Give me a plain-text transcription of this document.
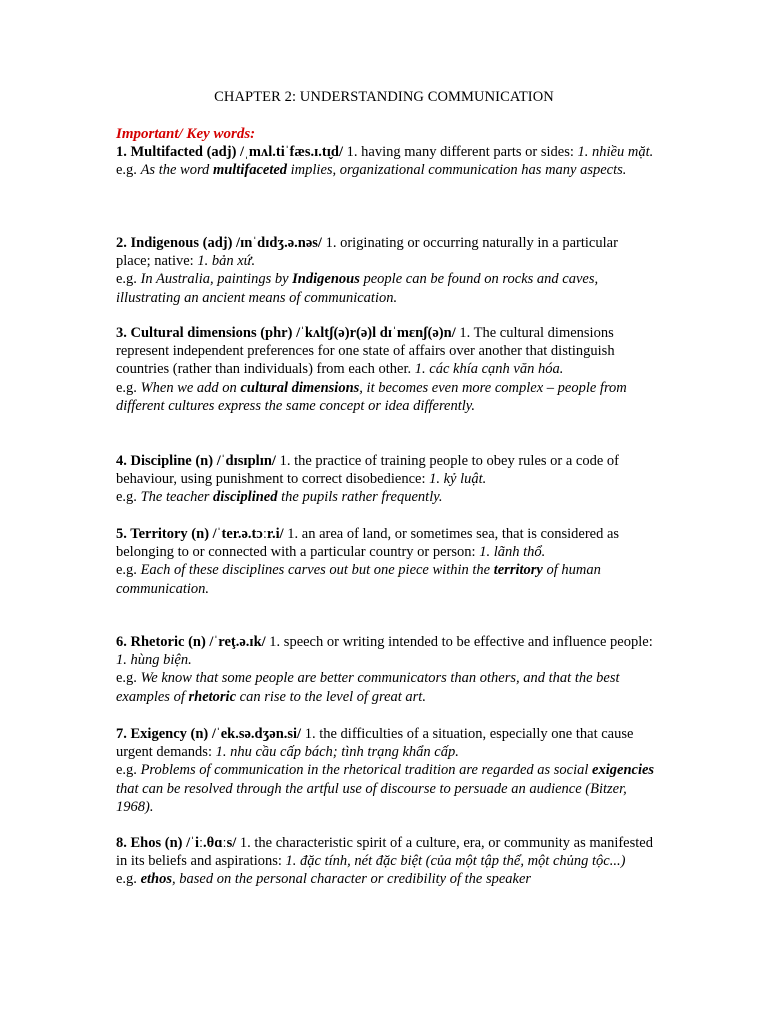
CHAPTER 2: UNDERSTANDING COMMUNICATION
Important/ Key words:

1. Multifacted (adj) /ˌmʌl.tiˈfæs.ɪ.tɪ̬d/ 1. having many different parts or sides: 1. nhiều mặt.

e.g. As the word multifaceted implies, organizational communication has many aspects.

2. Indigenous (adj) /ɪnˈdɪdʒ.ə.nəs/ 1. originating or occurring naturally in a particular place; native: 1. bản xứ.

e.g. In Australia, paintings by Indigenous people can be found on rocks and caves, illustrating an ancient means of communication.

3. Cultural dimensions (phr) /ˈkʌltʃ(ə)r(ə)l dɪˈmɛnʃ(ə)n/ 1. The cultural dimensions represent independent preferences for one state of affairs over another that distinguish countries (rather than individuals) from each other. 1. các khía cạnh văn hóa.

e.g. When we add on cultural dimensions, it becomes even more complex – people from different cultures express the same concept or idea differently.

4. Discipline (n) /ˈdɪsɪplɪn/ 1. the practice of training people to obey rules or a code of behaviour, using punishment to correct disobedience: 1. kỷ luật.

e.g. The teacher disciplined the pupils rather frequently.

5. Territory (n) /ˈter.ə.tɔːr.i/ 1. an area of land, or sometimes sea, that is considered as belonging to or connected with a particular country or person: 1. lãnh thổ.

e.g. Each of these disciplines carves out but one piece within the territory of human communication.

6. Rhetoric (n) /ˈreţ.ə.ɪk/ 1. speech or writing intended to be effective and influence people: 1. hùng biện.

e.g. We know that some people are better communicators than others, and that the best examples of rhetoric can rise to the level of great art.

7. Exigency (n) /ˈek.sə.dʒən.si/ 1. the difficulties of a situation, especially one that cause urgent demands: 1. nhu cầu cấp bách; tình trạng khẩn cấp.

e.g. Problems of communication in the rhetorical tradition are regarded as social exigencies that can be resolved through the artful use of discourse to persuade an audience (Bitzer, 1968).

8. Ehos (n) /ˈiː.θɑːs/ 1. the characteristic spirit of a culture, era, or community as manifested in its beliefs and aspirations: 1. đặc tính, nét đặc biệt (của một tập thể, một chủng tộc...)

e.g. ethos, based on the personal character or credibility of the speaker
